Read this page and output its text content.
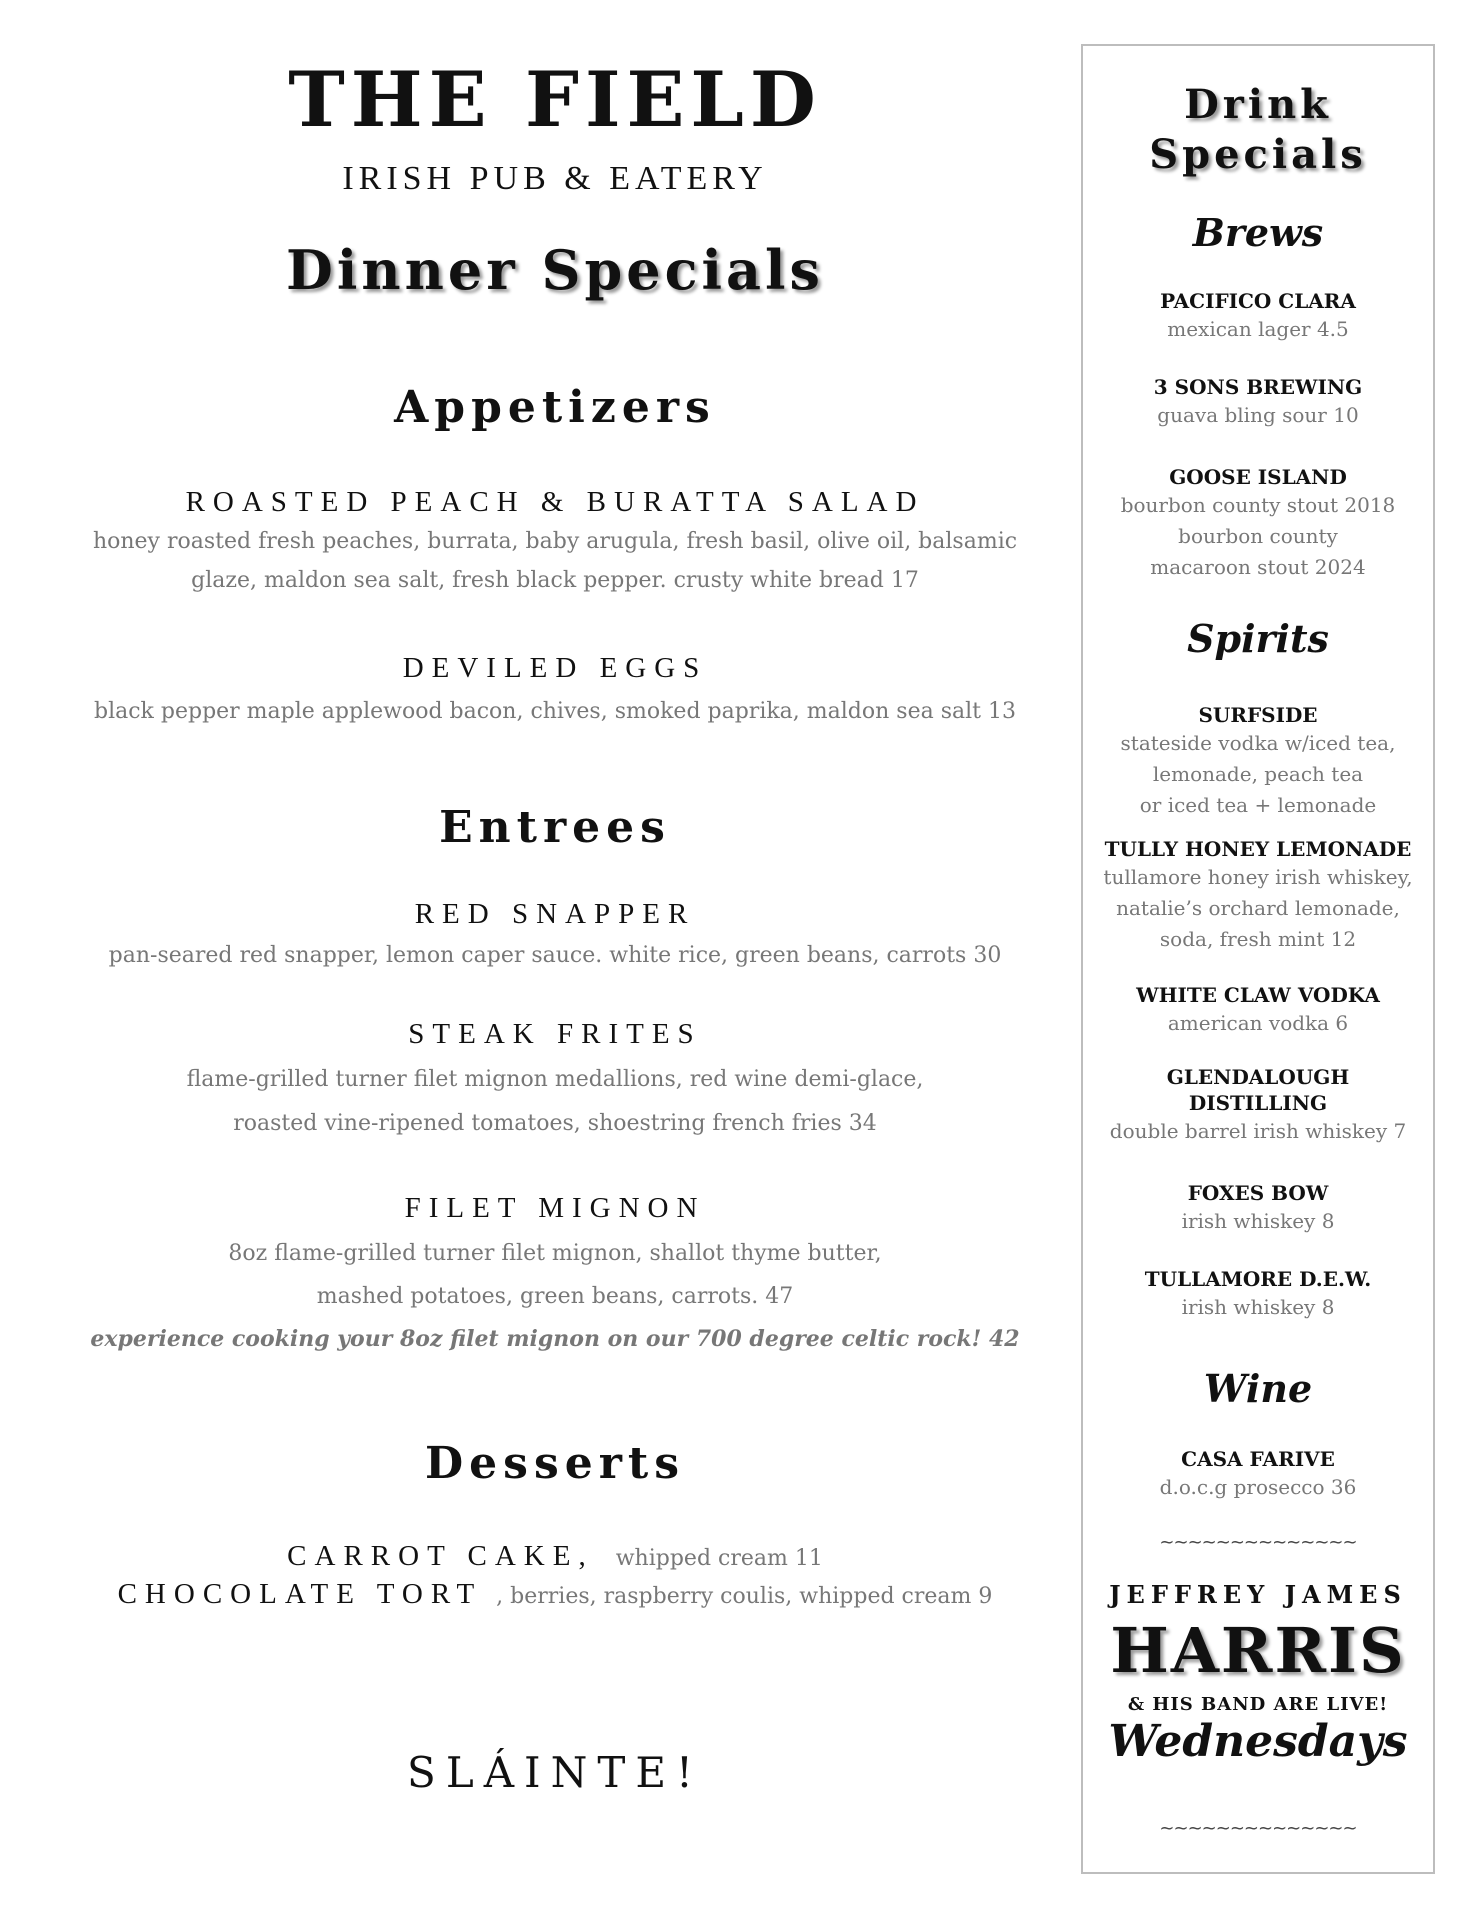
THE FIELD
IRISH PUB & EATERY
Dinner Specials
Appetizers
ROASTED PEACH & BURATTA SALAD
honey roasted fresh peaches, burrata, baby arugula, fresh basil, olive oil, balsamic
glaze, maldon sea salt, fresh black pepper. crusty white bread 17
DEVILED EGGS
black pepper maple applewood bacon, chives, smoked paprika, maldon sea salt 13
Entrees
RED SNAPPER
pan-seared red snapper, lemon caper sauce. white rice, green beans, carrots 30
STEAK FRITES
flame-grilled turner filet mignon medallions, red wine demi-glace,
roasted vine-ripened tomatoes, shoestring french fries 34
FILET MIGNON
8oz flame-grilled turner filet mignon, shallot thyme butter,
mashed potatoes, green beans, carrots. 47
experience cooking your 8oz filet mignon on our 700 degree celtic rock! 42
Desserts
CARROT CAKE, whipped cream 11
CHOCOLATE TORT , berries, raspberry coulis, whipped cream 9
SLÁINTE!
Drink
Specials
Brews
PACIFICO CLARA
mexican lager 4.5
3 SONS BREWING
guava bling sour 10
GOOSE ISLAND
bourbon county stout 2018
bourbon county
macaroon stout 2024
Spirits
SURFSIDE
stateside vodka w/iced tea,
lemonade, peach tea
or iced tea + lemonade
TULLY HONEY LEMONADE
tullamore honey irish whiskey,
natalie’s orchard lemonade,
soda, fresh mint 12
WHITE CLAW VODKA
american vodka 6
GLENDALOUGH
DISTILLING
double barrel irish whiskey 7
FOXES BOW
irish whiskey 8
TULLAMORE D.E.W.
irish whiskey 8
Wine
CASA FARIVE
d.o.c.g prosecco 36
~~~~~~~~~~~~~~
JEFFREY JAMES
HARRIS
& HIS BAND ARE LIVE!
Wednesdays
~~~~~~~~~~~~~~
